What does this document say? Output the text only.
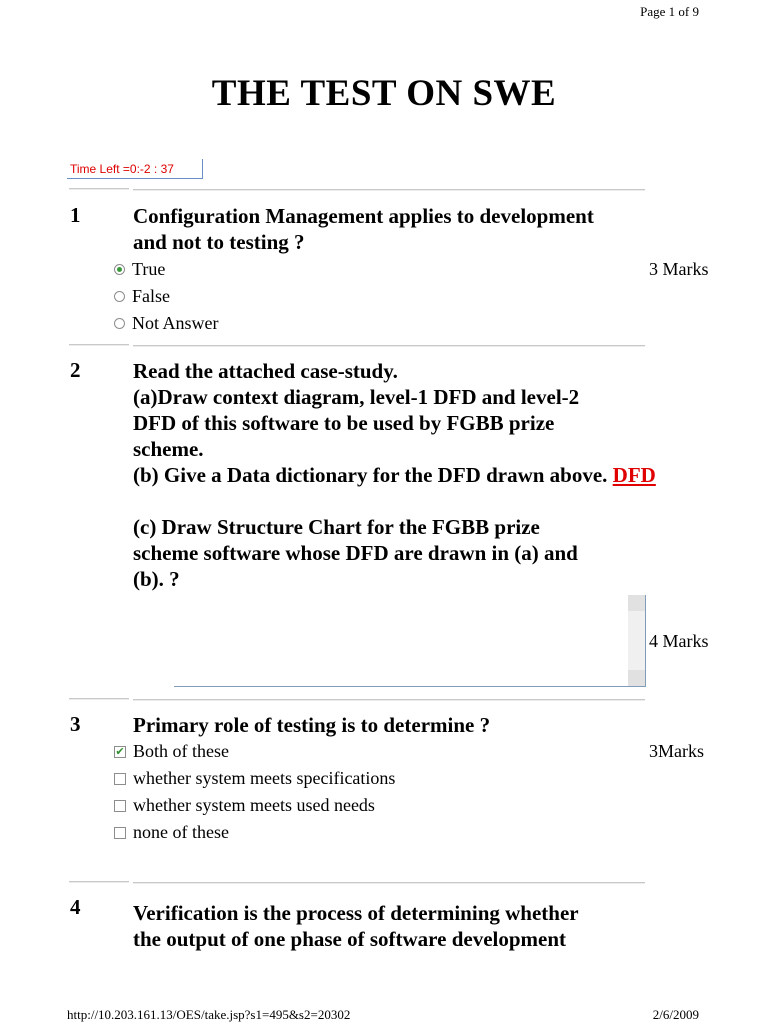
Page 1 of 9
THE TEST ON SWE
Time Left =0:-2 : 37
1	Configuration Management applies to development
and not to testing ?
True
False
Not Answer
3 Marks
2	Read the attached case-study.
(a)Draw context diagram, level-1 DFD and level-2
DFD of this software to be used by FGBB prize
scheme.
(b) Give a Data dictionary for the DFD drawn above. DFD
(c) Draw Structure Chart for the FGBB prize
scheme software whose DFD are drawn in (a) and
(b). ?
4 Marks
3	Primary role of testing is to determine ?
✔ Both of these
whether system meets specifications
whether system meets used needs
none of these
3Marks
4	Verification is the process of determining whether
the output of one phase of software development
http://10.203.161.13/OES/take.jsp?s1=495&s2=20302	2/6/2009
